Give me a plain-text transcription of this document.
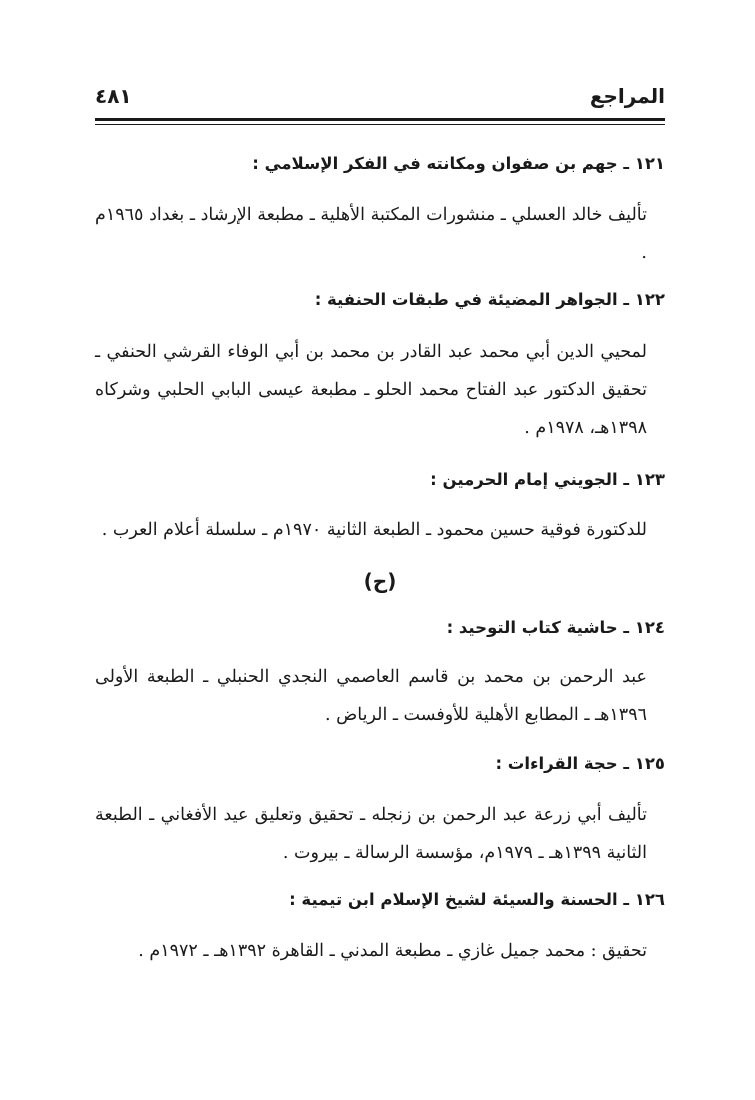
المراجع
٤٨١

١٢١ ـ جهم بن صفوان ومكانته في الفكر الإسلامي :

تأليف خالد العسلي ـ منشورات المكتبة الأهلية ـ مطبعة الإرشاد ـ بغداد ١٩٦٥م .

١٢٢ ـ الجواهر المضيئة في طبقات الحنفية :

لمحيي الدين أبي محمد عبد القادر بن محمد بن أبي الوفاء القرشي الحنفي ـ تحقيق الدكتور عبد الفتاح محمد الحلو ـ مطبعة عيسى البابي الحلبي وشركاه ١٣٩٨هـ، ١٩٧٨م .

١٢٣ ـ الجويني إمام الحرمين :

للدكتورة فوقية حسين محمود ـ الطبعة الثانية ١٩٧٠م ـ سلسلة أعلام العرب .

(ح)

١٢٤ ـ حاشية كتاب التوحيد :

عبد الرحمن بن محمد بن قاسم العاصمي النجدي الحنبلي ـ الطبعة الأولى ١٣٩٦هـ ـ المطابع الأهلية للأوفست ـ الرياض .

١٢٥ ـ حجة القراءات :

تأليف أبي زرعة عبد الرحمن بن زنجله ـ تحقيق وتعليق عيد الأفغاني ـ الطبعة الثانية ١٣٩٩هـ ـ ١٩٧٩م، مؤسسة الرسالة ـ بيروت .

١٢٦ ـ الحسنة والسيئة لشيخ الإسلام ابن تيمية :

تحقيق : محمد جميل غازي ـ مطبعة المدني ـ القاهرة ١٣٩٢هـ ـ ١٩٧٢م .
